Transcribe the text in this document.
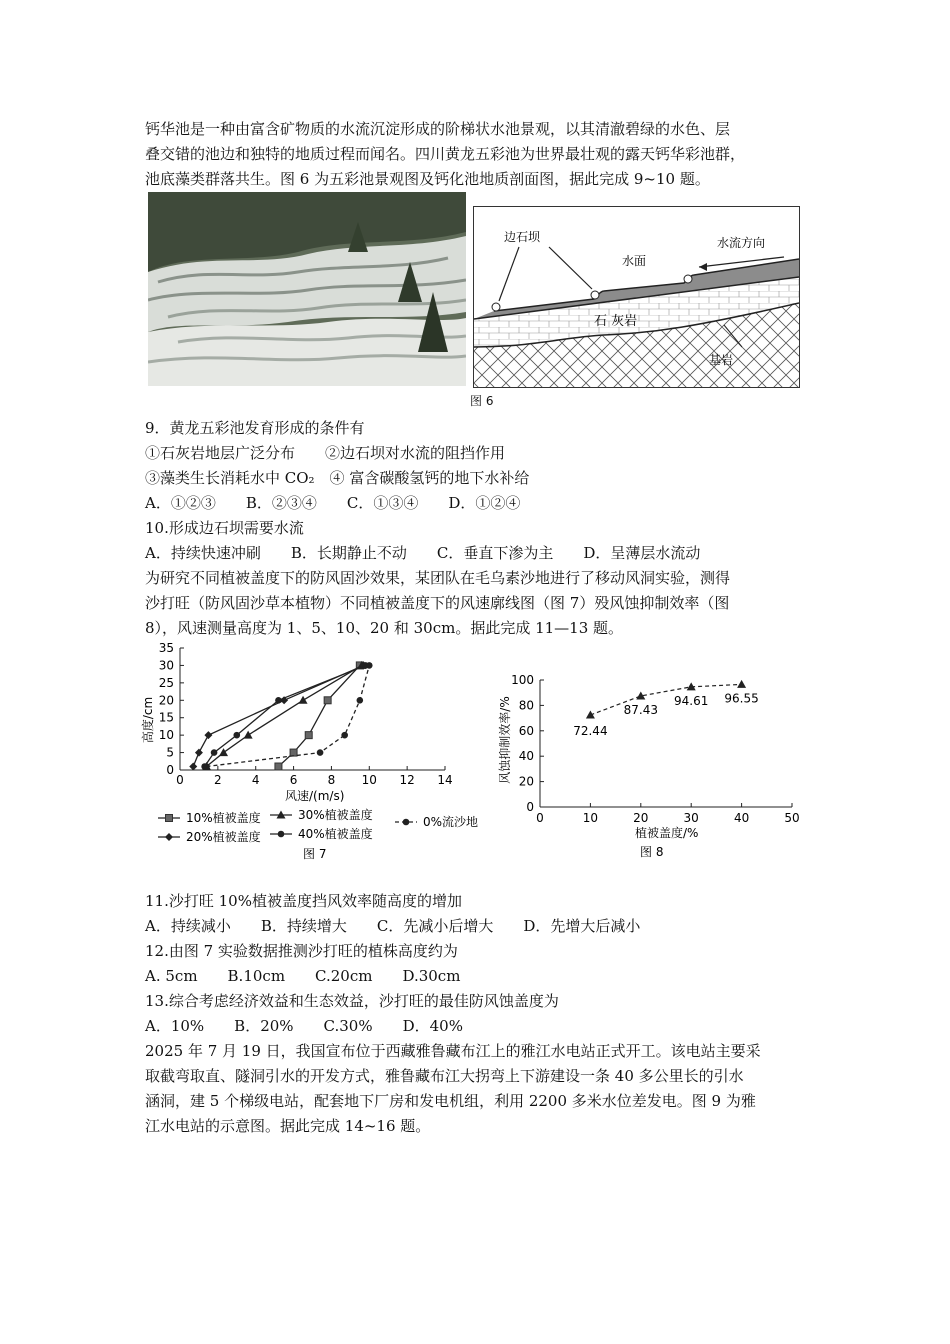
钙华池是一种由富含矿物质的水流沉淀形成的阶梯状水池景观，以其清澈碧绿的水色、层
叠交错的池边和独特的地质过程而闻名。四川黄龙五彩池为世界最壮观的露天钙华彩池群，
池底藻类群落共生。图 6 为五彩池景观图及钙化池地质剖面图，据此完成 9~10 题。
边石坝
水面
水流方向
石 灰岩
基岩
图 6
9．黄龙五彩池发育形成的条件有
①石灰岩地层广泛分布　　②边石坝对水流的阻挡作用
③藻类生长消耗水中 CO₂　④ 富含碳酸氢钙的地下水补给
A．①②③　　B．②③④　　C．①③④　　D．①②④
10.形成边石坝需要水流
A．持续快速冲刷　　B．长期静止不动　　C．垂直下渗为主　　D．呈薄层水流动
为研究不同植被盖度下的防风固沙效果，某团队在毛乌素沙地进行了移动风洞实验，测得
沙打旺（防风固沙草本植物）不同植被盖度下的风速廓线图（图 7）殁风蚀抑制效率（图
8），风速测量高度为 1、5、10、20 和 30cm。据此完成 11—13 题。
0	2	4	6	8 10 12 14
0
5
10
15
20
25
30
35
风速/(m/s)
高度/cm
10%植被盖度	30%植被盖度	0%流沙地
20%植被盖度	40%植被盖度
图 7
0	10	20	30	40	50
0
20
40
60
80
100
植被盖度/%
风蚀抑制效率/%	72.44
87.43
94.61 96.55
图 8
11.沙打旺 10%植被盖度挡风效率随高度的增加
A．持续减小　　B．持续增大　　C．先减小后增大　　D．先增大后减小
12.由图 7 实验数据推测沙打旺的植株高度约为
A. 5cm　　B.10cm　　C.20cm　　D.30cm
13.综合考虑经济效益和生态效益，沙打旺的最佳防风蚀盖度为
A．10%　　B．20%　　C.30%　　D．40%
2025 年 7 月 19 日，我国宣布位于西藏雅鲁藏布江上的雅江水电站正式开工。该电站主要采
取截弯取直、隧洞引水的开发方式，雅鲁藏布江大拐弯上下游建设一条 40 多公里长的引水
涵洞，建 5 个梯级电站，配套地下厂房和发电机组，利用 2200 多米水位差发电。图 9 为雅
江水电站的示意图。据此完成 14~16 题。
